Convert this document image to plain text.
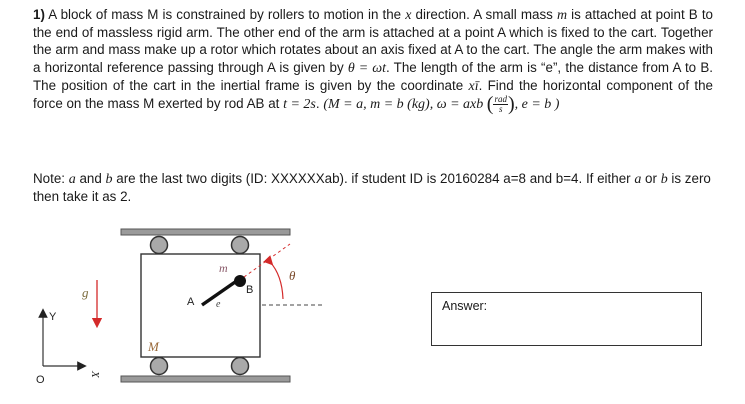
1) A block of mass M is constrained by rollers to motion in the x direction. A small mass m is attached at point B to the end of massless rigid arm. The other end of the arm is attached at a point A which is fixed to the cart. Together the arm and mass make up a rotor which rotates about an axis fixed at A to the cart. The angle the arm makes with a horizontal reference passing through A is given by θ = ωt. The length of the arm is “e”, the distance from A to B. The position of the cart in the inertial frame is given by the coordinate xī. Find the horizontal component of the force on the mass M exerted by rod AB at t = 2s. (M = a, m = b (kg), ω = axb ( $\frac{\text{rad}}{s}$ ), e = b )

Note: a and b are the last two digits (ID: XXXXXXab). if student ID is 20160284 a=8 and b=4. If either a or b is zero then take it as 2.

g
m
A
B
e
θ
M
Y
O	X
Answer:
